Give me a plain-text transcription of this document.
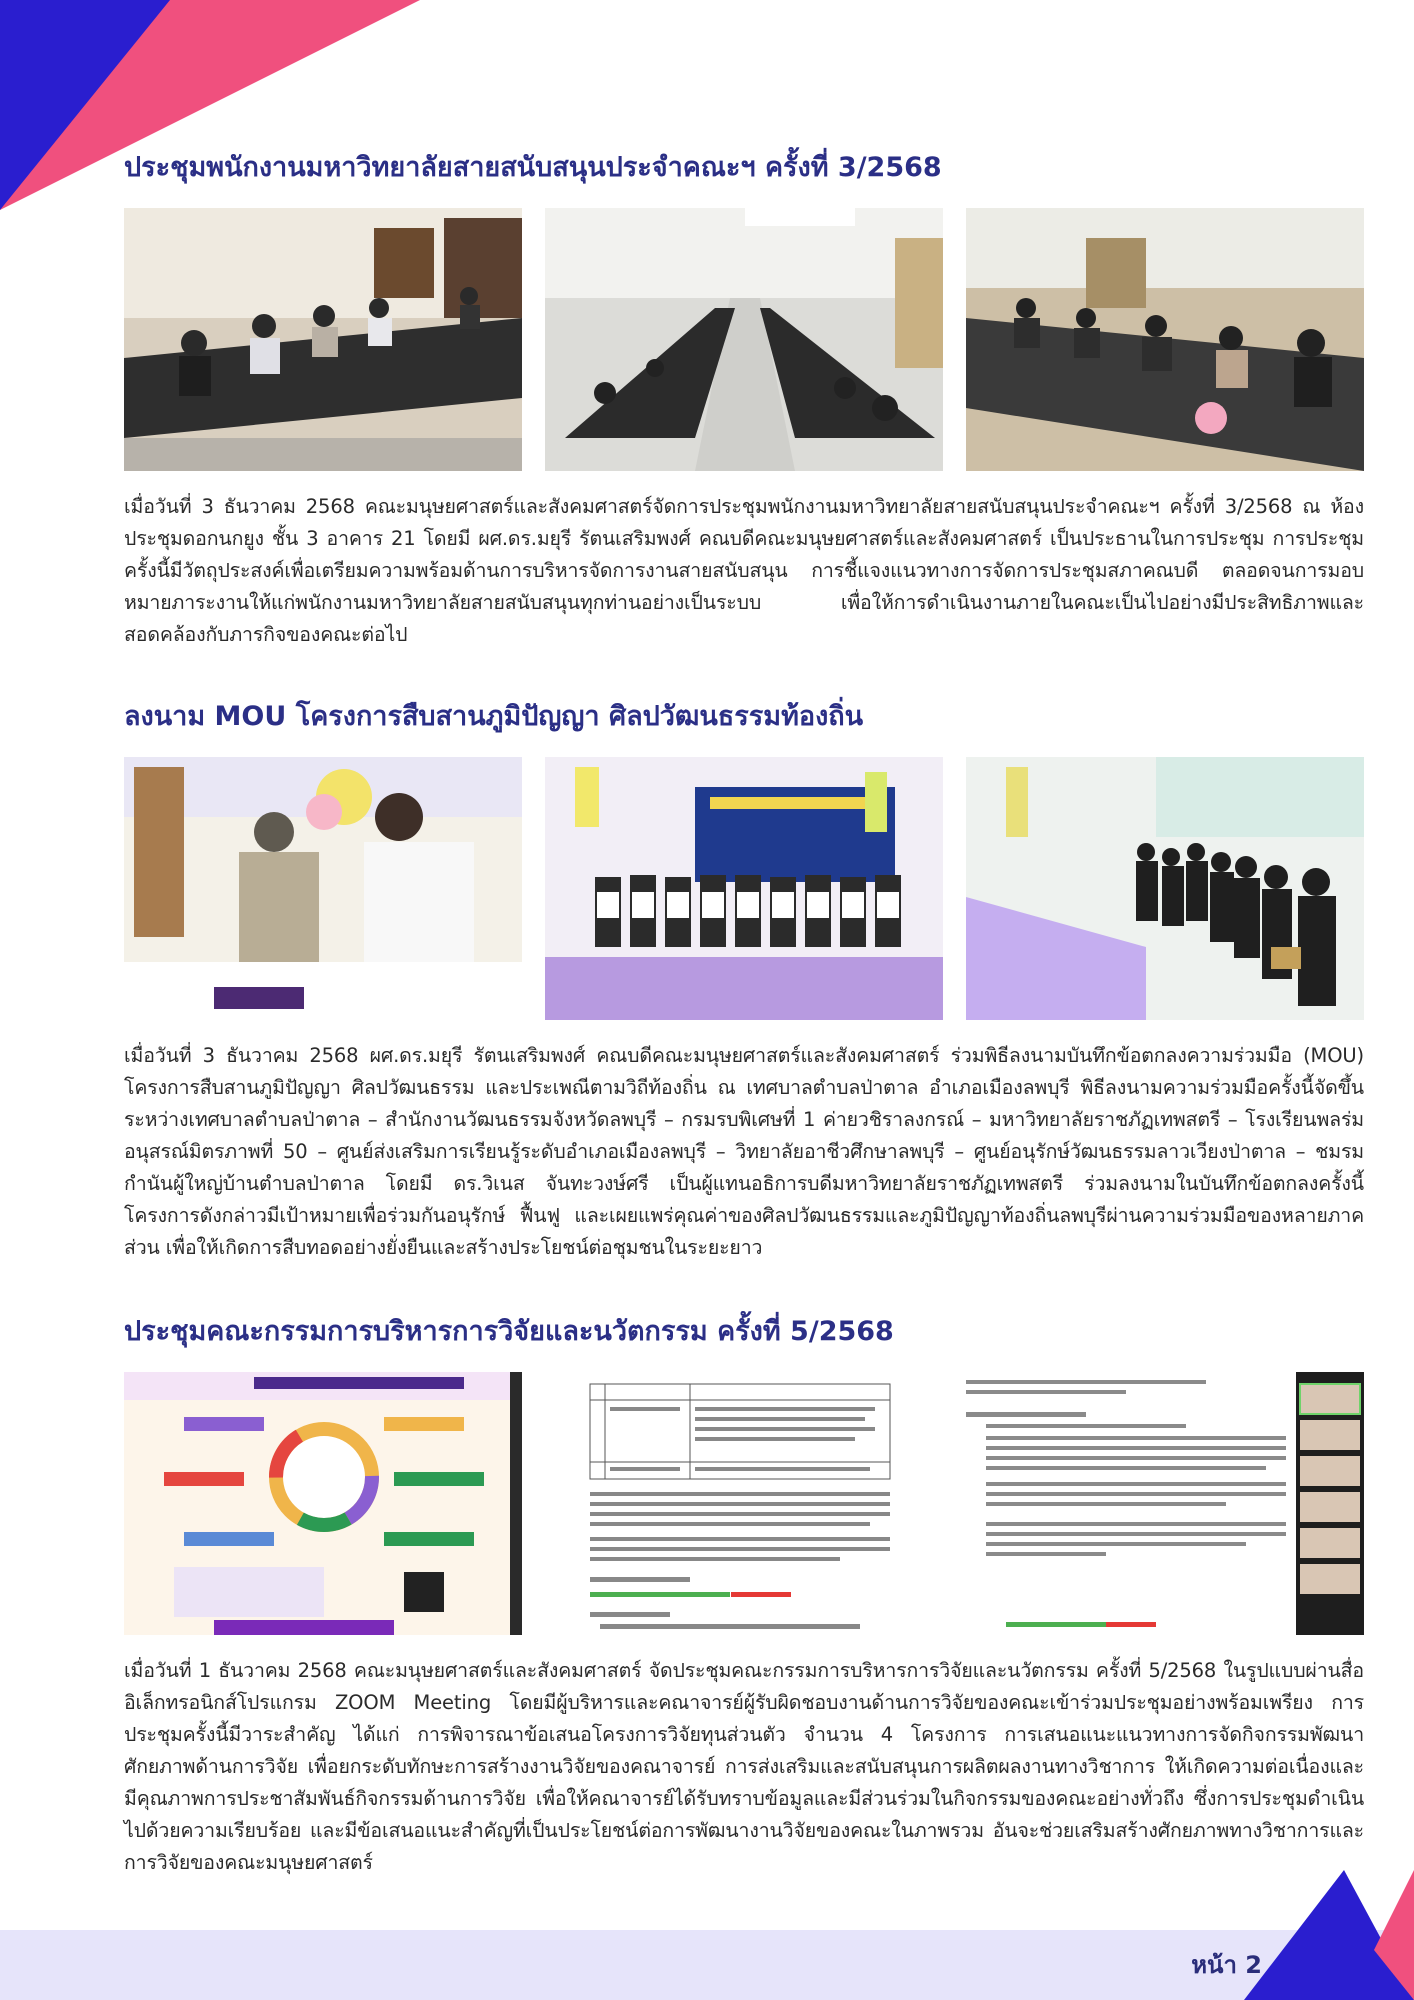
ประชุมพนักงานมหาวิทยาลัยสายสนับสนุนประจำคณะฯ ครั้งที่ 3/2568

เมื่อวันที่ 3 ธันวาคม 2568 คณะมนุษยศาสตร์และสังคมศาสตร์จัดการประชุมพนักงานมหาวิทยาลัยสายสนับสนุนประจำคณะฯ ครั้งที่ 3/2568 ณ ห้องประชุมดอกนกยูง ชั้น 3 อาคาร 21 โดยมี ผศ.ดร.มยุรี รัตนเสริมพงศ์ คณบดีคณะมนุษยศาสตร์และสังคมศาสตร์ เป็นประธานในการประชุม การประชุมครั้งนี้มีวัตถุประสงค์เพื่อเตรียมความพร้อมด้านการบริหารจัดการงานสายสนับสนุน การชี้แจงแนวทางการจัดการประชุมสภาคณบดี ตลอดจนการมอบหมายภาระงานให้แก่พนักงานมหาวิทยาลัยสายสนับสนุนทุกท่านอย่างเป็นระบบ เพื่อให้การดำเนินงานภายในคณะเป็นไปอย่างมีประสิทธิภาพและสอดคล้องกับภารกิจของคณะต่อไป

ลงนาม MOU โครงการสืบสานภูมิปัญญา ศิลปวัฒนธรรมท้องถิ่น

เมื่อวันที่ 3 ธันวาคม 2568 ผศ.ดร.มยุรี รัตนเสริมพงศ์ คณบดีคณะมนุษยศาสตร์และสังคมศาสตร์ ร่วมพิธีลงนามบันทึกข้อตกลงความร่วมมือ (MOU) โครงการสืบสานภูมิปัญญา ศิลปวัฒนธรรม และประเพณีตามวิถีท้องถิ่น ณ เทศบาลตำบลป่าตาล อำเภอเมืองลพบุรี พิธีลงนามความร่วมมือครั้งนี้จัดขึ้นระหว่างเทศบาลตำบลป่าตาล – สำนักงานวัฒนธรรมจังหวัดลพบุรี – กรมรบพิเศษที่ 1 ค่ายวชิราลงกรณ์ – มหาวิทยาลัยราชภัฏเทพสตรี – โรงเรียนพลร่มอนุสรณ์มิตรภาพที่ 50 – ศูนย์ส่งเสริมการเรียนรู้ระดับอำเภอเมืองลพบุรี – วิทยาลัยอาชีวศึกษาลพบุรี – ศูนย์อนุรักษ์วัฒนธรรมลาวเวียงป่าตาล – ชมรมกำนันผู้ใหญ่บ้านตำบลป่าตาล โดยมี ดร.วิเนส จันทะวงษ์ศรี เป็นผู้แทนอธิการบดีมหาวิทยาลัยราชภัฏเทพสตรี ร่วมลงนามในบันทึกข้อตกลงครั้งนี้ โครงการดังกล่าวมีเป้าหมายเพื่อร่วมกันอนุรักษ์ ฟื้นฟู และเผยแพร่คุณค่าของศิลปวัฒนธรรมและภูมิปัญญาท้องถิ่นลพบุรีผ่านความร่วมมือของหลายภาคส่วน เพื่อให้เกิดการสืบทอดอย่างยั่งยืนและสร้างประโยชน์ต่อชุมชนในระยะยาว

ประชุมคณะกรรมการบริหารการวิจัยและนวัตกรรม ครั้งที่ 5/2568

เมื่อวันที่ 1 ธันวาคม 2568 คณะมนุษยศาสตร์และสังคมศาสตร์ จัดประชุมคณะกรรมการบริหารการวิจัยและนวัตกรรม ครั้งที่ 5/2568 ในรูปแบบผ่านสื่ออิเล็กทรอนิกส์โปรแกรม ZOOM Meeting โดยมีผู้บริหารและคณาจารย์ผู้รับผิดชอบงานด้านการวิจัยของคณะเข้าร่วมประชุมอย่างพร้อมเพรียง การประชุมครั้งนี้มีวาระสำคัญ ได้แก่ การพิจารณาข้อเสนอโครงการวิจัยทุนส่วนตัว จำนวน 4 โครงการ การเสนอแนะแนวทางการจัดกิจกรรมพัฒนาศักยภาพด้านการวิจัย เพื่อยกระดับทักษะการสร้างงานวิจัยของคณาจารย์ การส่งเสริมและสนับสนุนการผลิตผลงานทางวิชาการ ให้เกิดความต่อเนื่องและมีคุณภาพการประชาสัมพันธ์กิจกรรมด้านการวิจัย เพื่อให้คณาจารย์ได้รับทราบข้อมูลและมีส่วนร่วมในกิจกรรมของคณะอย่างทั่วถึง ซึ่งการประชุมดำเนินไปด้วยความเรียบร้อย และมีข้อเสนอแนะสำคัญที่เป็นประโยชน์ต่อการพัฒนางานวิจัยของคณะในภาพรวม อันจะช่วยเสริมสร้างศักยภาพทางวิชาการและการวิจัยของคณะมนุษยศาสตร์

หน้า 2
